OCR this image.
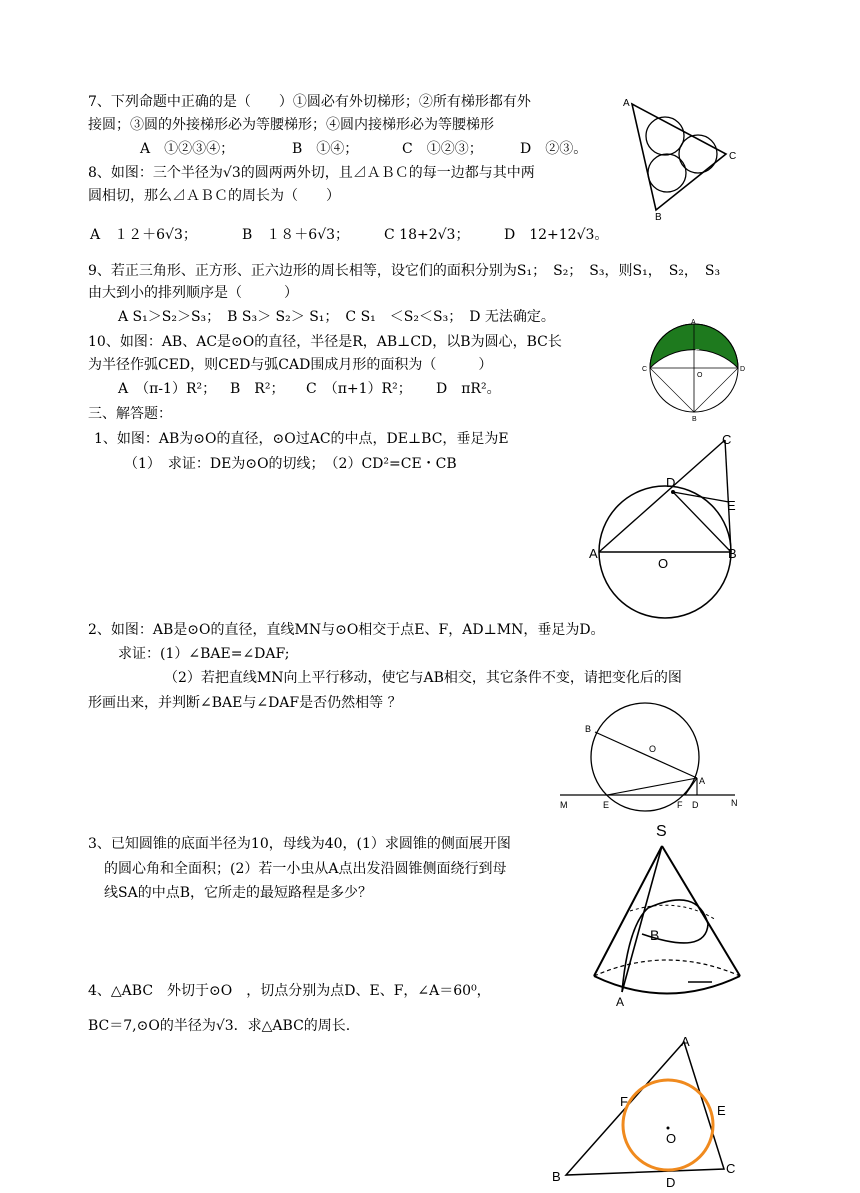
7、下列命题中正确的是（　　）①圆必有外切梯形；②所有梯形都有外
接圆；③圆的外接梯形必为等腰梯形；④圆内接梯形必为等腰梯形
A　①②③④；	B　①④；	C　①②③；	D　②③。
8、如图：三个半径为√3的圆两两外切，且⊿ＡＢＣ的每一边都与其中两
圆相切，那么⊿ＡＢＣ的周长为（　　）
A　１２＋6√3；	B　１８＋6√3； C 18+2√3； D　12+12√3。
A
C
B
9、若正三角形、正方形、正六边形的周长相等，设它们的面积分别为S₁；　S₂；　S₃，则S₁，　S₂，　S₃
由大到小的排列顺序是（　　　）
A S₁＞S₂＞S₃；　B S₃＞ S₂＞ S₁；　C S₁　＜S₂＜S₃；　D 无法确定。
10、如图：AB、AC是⊙O的直径，半径是R，AB⊥CD，以B为圆心，BC长
为半径作弧CED，则CED与弧CAD围成月形的面积为（　　　）
A　（π-1）R²； B　R²； C　（π+1）R²； D　πR²。
A
C	D
E
O
B
三、解答题：
1、如图：AB为⊙O的直径，⊙O过AC的中点，DE⊥BC，垂足为E
（1）　求证：DE为⊙O的切线；　（2）CD²=CE・CB
C
D
E
A	B
O
2、如图：AB是⊙O的直径，直线MN与⊙O相交于点E、F，AD⊥MN，垂足为D。
求证：(1）∠BAE=∠DAF;
（2）若把直线MN向上平行移动，使它与AB相交，其它条件不变，请把变化后的图
形画出来，并判断∠BAE与∠DAF是否仍然相等 ？
B
O
A
M	E	F D	N
3、已知圆锥的底面半径为10，母线为40，(1）求圆锥的侧面展开图
的圆心角和全面积；(2）若一小虫从A点出发沿圆锥侧面绕行到母
线SA的中点B，它所走的最短路程是多少？
S
B
A
4、△ABC　外切于⊙O　，切点分别为点D、E、F，∠A＝60⁰，
BC＝7,⊙O的半径为√3．求△ABC的周长.
A
F
E
O
B
C
D
